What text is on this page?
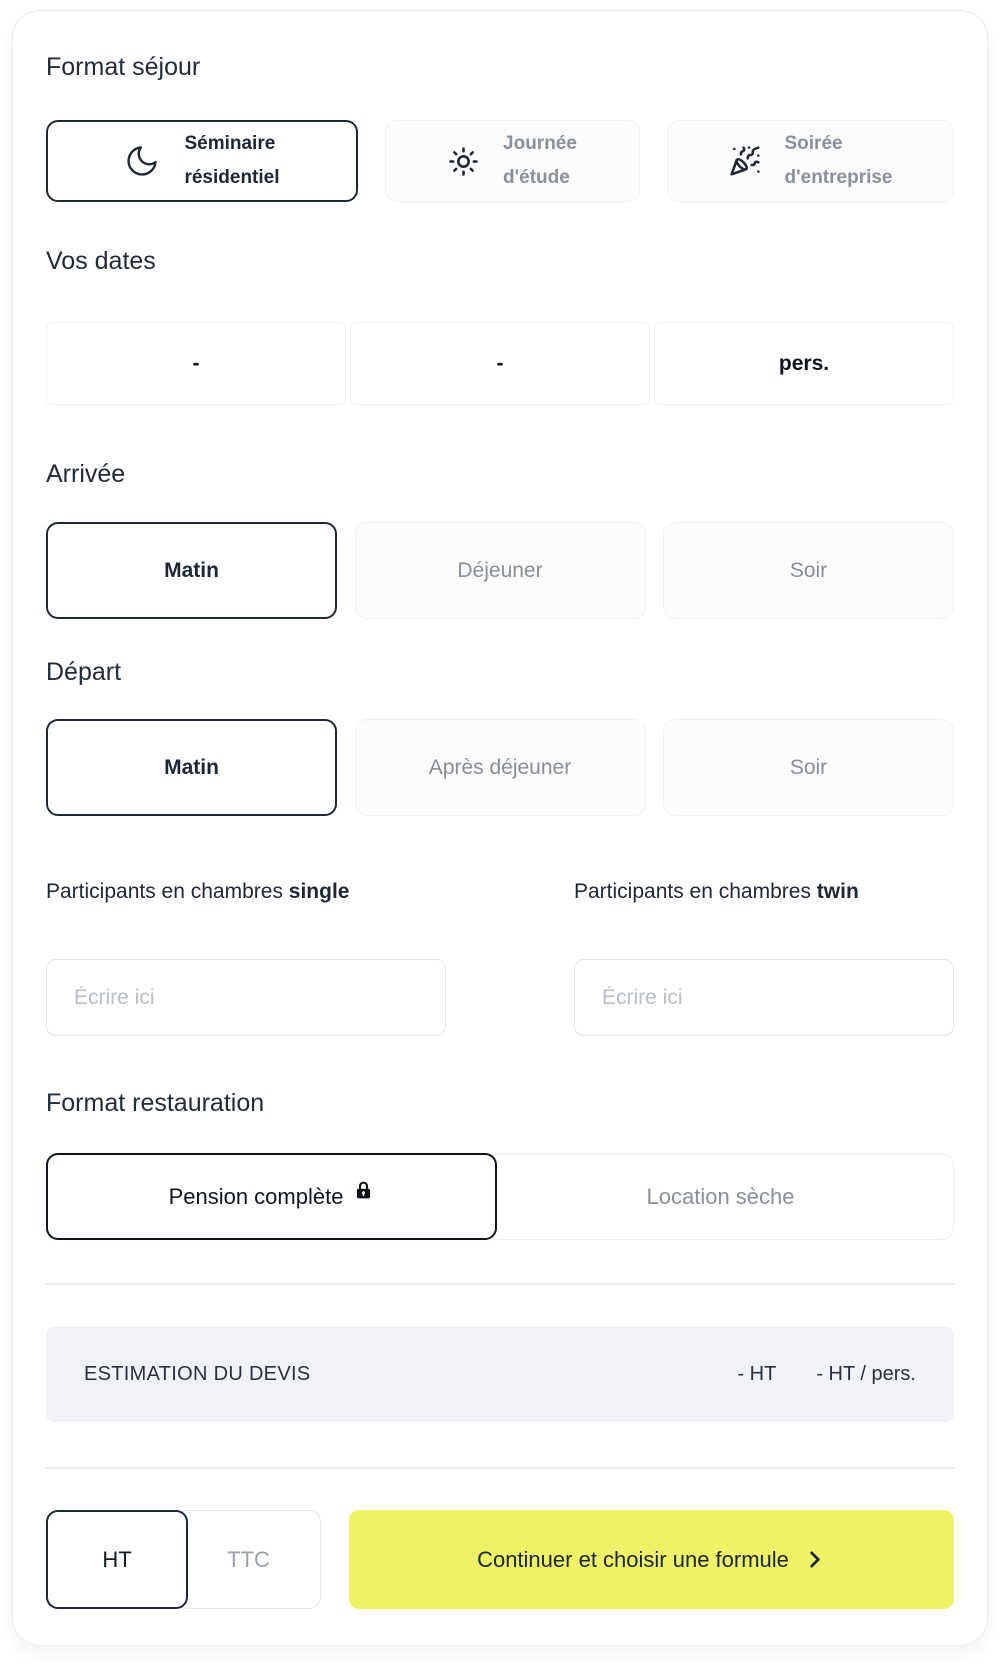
Format séjour
Séminaire
résidentiel
Journée
d'étude
Soirée
d'entreprise
Vos dates
-	-	pers.
Arrivée
Matin	Déjeuner	Soir
Départ
Matin	Après déjeuner	Soir
Participants en chambres single	Participants en chambres twin
Écrire ici
Écrire ici
Format restauration
Pension complète	Location sèche
ESTIMATION DU DEVIS	- HT - HT / pers.
HT	TTC	Continuer et choisir une formule
